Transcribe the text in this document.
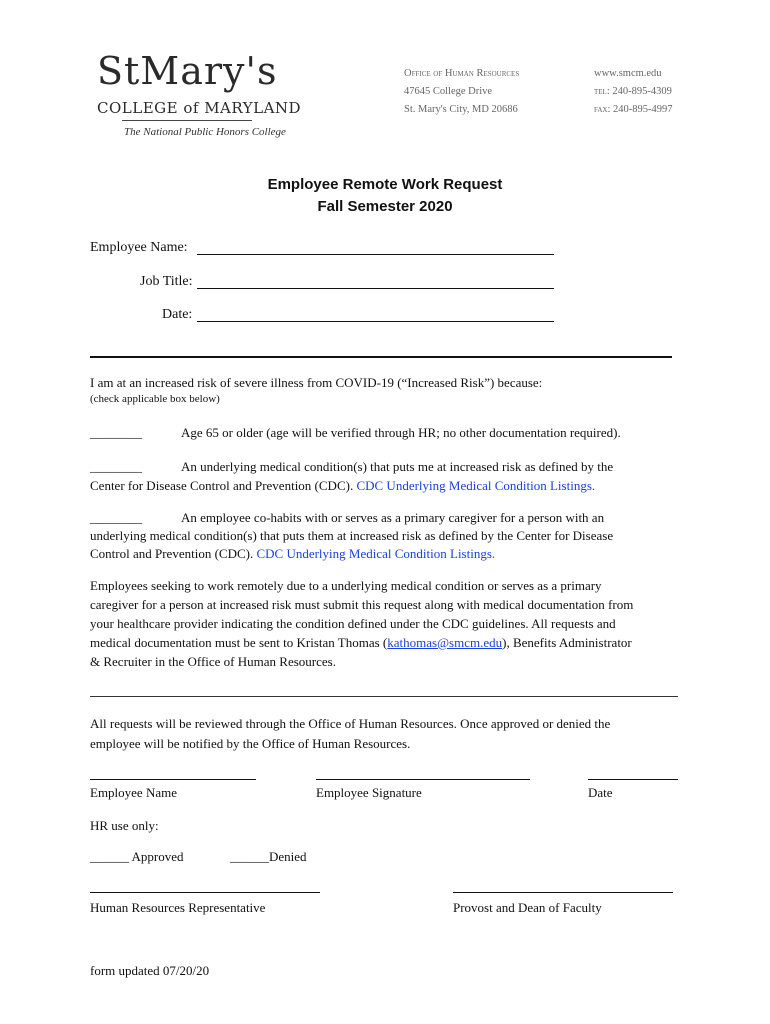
StMary's
COLLEGE of MARYLAND
The National Public Honors College
Office of Human Resources
47645 College Drive
St. Mary's City, MD 20686
www.smcm.edu
tel: 240-895-4309
fax: 240-895-4997
Employee Remote Work Request
Fall Semester 2020
Employee Name:
Job Title:
Date:
I am at an increased risk of severe illness from COVID-19 (“Increased Risk”) because:
(check applicable box below)
________	Age 65 or older (age will be verified through HR; no other documentation required).
________	An underlying medical condition(s) that puts me at increased risk as defined by the
Center for Disease Control and Prevention (CDC). CDC Underlying Medical Condition Listings.
________	An employee co-habits with or serves as a primary caregiver for a person with an
underlying medical condition(s) that puts them at increased risk as defined by the Center for Disease
Control and Prevention (CDC). CDC Underlying Medical Condition Listings.
Employees seeking to work remotely due to a underlying medical condition or serves as a primary
caregiver for a person at increased risk must submit this request along with medical documentation from
your healthcare provider indicating the condition defined under the CDC guidelines. All requests and
medical documentation must be sent to Kristan Thomas (kathomas@smcm.edu), Benefits Administrator
& Recruiter in the Office of Human Resources.
All requests will be reviewed through the Office of Human Resources. Once approved or denied the
employee will be notified by the Office of Human Resources.
Employee Name	Employee Signature	Date
HR use only:
______ Approved	______Denied
Human Resources Representative	Provost and Dean of Faculty
form updated 07/20/20
